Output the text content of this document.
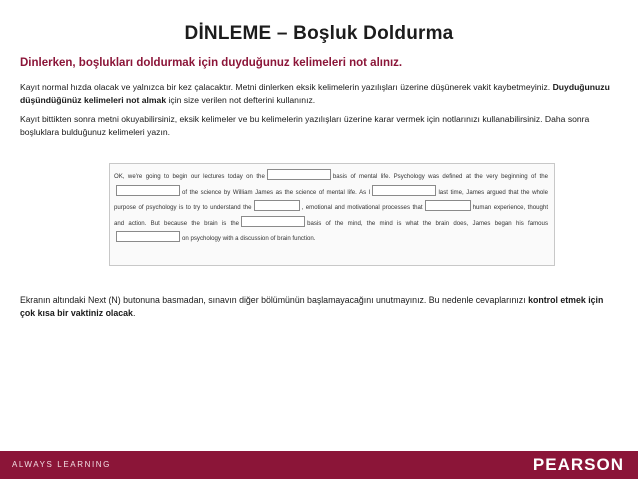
DİNLEME – Boşluk Doldurma
Dinlerken, boşlukları doldurmak için duyduğunuz kelimeleri not alınız.
Kayıt normal hızda olacak ve yalnızca bir kez çalacaktır. Metni dinlerken eksik kelimelerin yazılışları üzerine düşünerek vakit kaybetmeyiniz. Duyduğunuzu düşündüğünüz kelimeleri not almak için size verilen not defterini kullanınız.
Kayıt bittikten sonra metni okuyabilirsiniz, eksik kelimeler ve bu kelimelerin yazılışları üzerine karar vermek için notlarınızı kullanabilirsiniz. Daha sonra boşluklara bulduğunuz kelimeleri yazın.
OK, we're going to begin our lectures today on the	basis of mental life. Psychology was defined at the very beginning of theof the science by William James as the science of mental life. As I	last time, James argued that the whole purpose of psychology is to try to understand the	, emotional and motivational processes that	human experience, thought and action. But because the brain is the	basis of the mind, the mind is what the brain does, James began his famouson psychology with a discussion of brain function.
Ekranın altındaki Next (N) butonuna basmadan, sınavın diğer bölümünün başlamayacağını unutmayınız. Bu nedenle cevaplarınızı kontrol etmek için çok kısa bir vaktiniz olacak.
ALWAYS LEARNING	PEARSON
